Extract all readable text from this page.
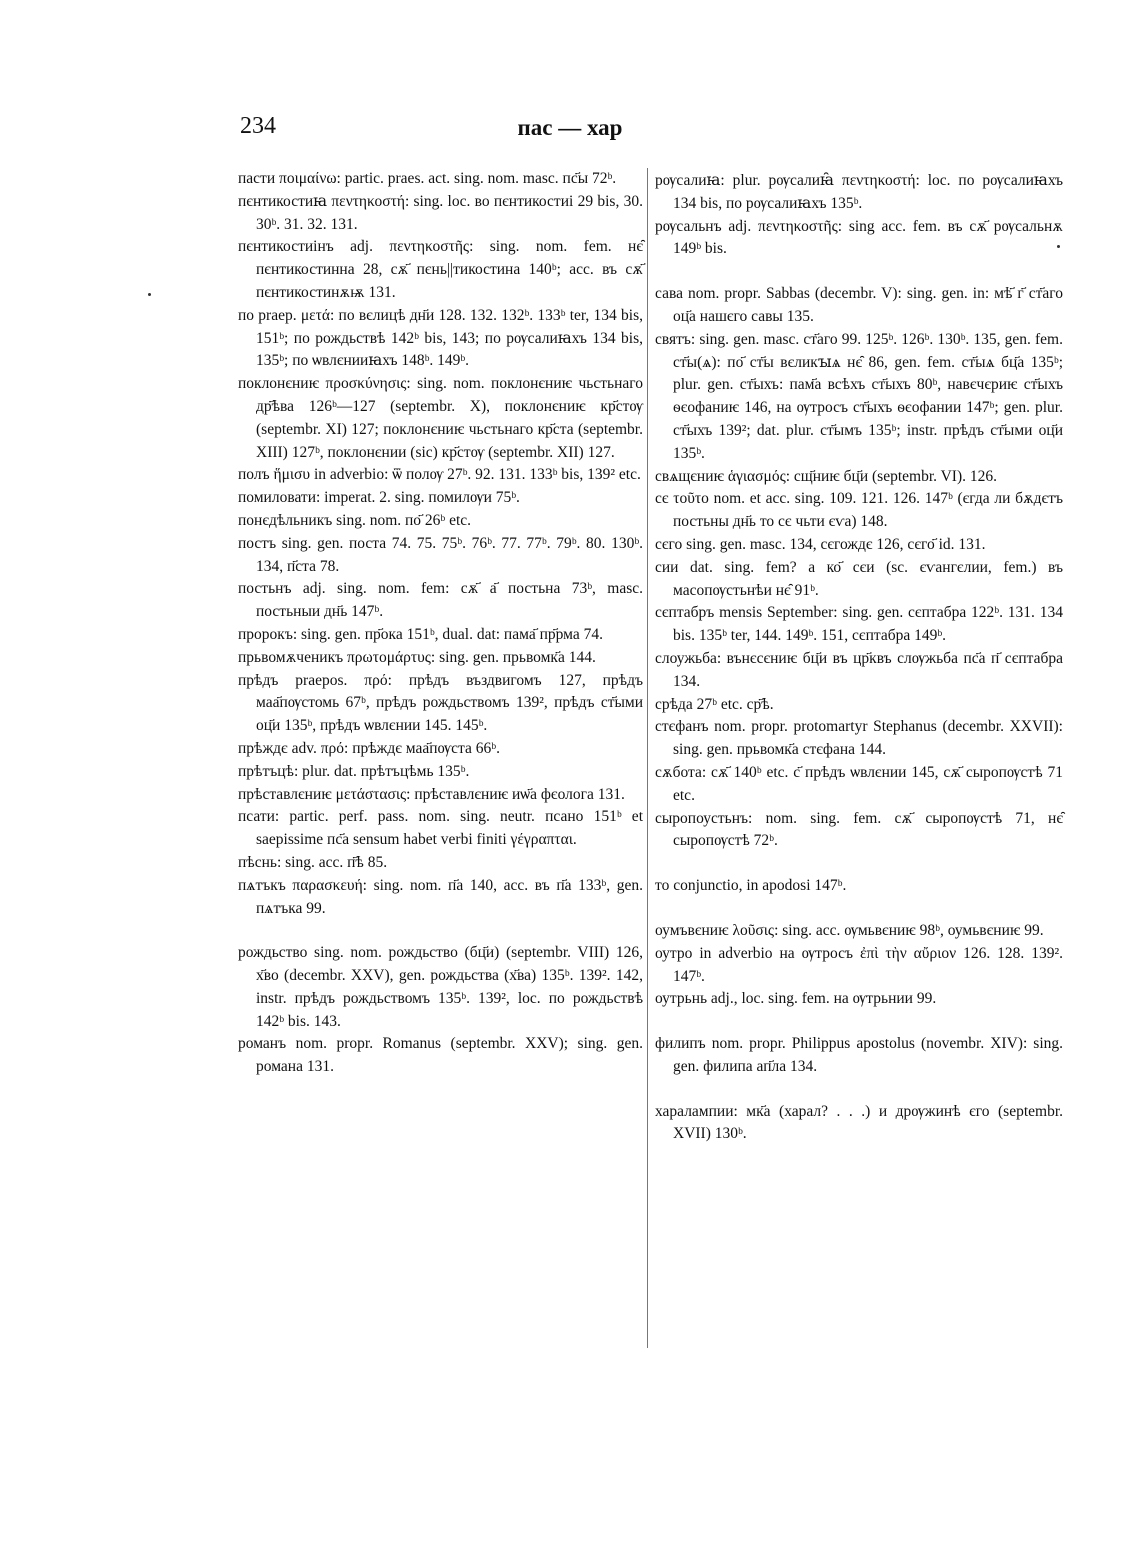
234	пас — хар

пасти ποιμαίνω: partic. praes. act. sing. nom. masc. пс҃ы 72ᵇ.

пєнтикостиꙗ πεντηκοστή: sing. loc. во пєнтикостиі 29 bis, 30. 30ᵇ. 31. 32. 131.

пєнтикостиінъ adj. πεντηκοστῆς: sing. nom. fem. нє̑ пєнтикостинна 28, сѫ҃ пєнь||тикостина 140ᵇ; acc. въ сѫ҃ пєнтикостинѫѭ 131.

по praep. μετά: по вєлицѣ дн҃и 128. 132. 132ᵇ. 133ᵇ ter, 134 bis, 151ᵇ; по рождьствѣ 142ᵇ bis, 143; по рѹсалиꙗхъ 134 bis, 135ᵇ; по ѡвлєнииꙗхъ 148ᵇ. 149ᵇ.

поклонєниѥ προσκύνησις: sing. nom. поклонєниѥ чьстьнаго др҃ѣва 126ᵇ—127 (septembr. X), поклонєниѥ кр҃стѹ (septembr. XI) 127; поклонєниѥ чьстьнаго кр҃ста (septembr. XIII) 127ᵇ, поклонєнии (sic) кр҃стѹ (septembr. XII) 127.

полъ ἥμισυ in adverbio: ѿ полѹ 27ᵇ. 92. 131. 133ᵇ bis, 139² etc.

помиловати: imperat. 2. sing. помилѹи 75ᵇ.

понєдѣльникъ sing. nom. по҃ 26ᵇ etc.

постъ sing. gen. поста 74. 75. 75ᵇ. 76ᵇ. 77. 77ᵇ. 79ᵇ. 80. 130ᵇ. 134, п҃ста 78.

постьнъ adj. sing. nom. fem: сѫ҃ а҃ постьна 73ᵇ, masc. постьныи дн҃ь 147ᵇ.

пророкъ: sing. gen. пр҃ока 151ᵇ, dual. dat: пама҃ пр҃рма 74.

прьвомѫченикъ πρωτομάρτυς: sing. gen. прьвомк҃а 144.

прѣдъ praepos. πρό: прѣдъ въздвигомъ 127, прѣдъ маа҃пѹстомь 67ᵇ, прѣдъ рождьствомъ 139², прѣдъ ст҃ыми оц҃и 135ᵇ, прѣдъ ѡвлєнии 145. 145ᵇ.

прѣждє adv. πρό: прѣждє маа҃пѹста 66ᵇ.

прѣтъцѣ: plur. dat. прѣтъцѣмь 135ᵇ.

прѣставлєниѥ μετάστασις: прѣставлєниѥ иѡ҃а фєолога 131.

псати: partic. perf. pass. nom. sing. neutr. псано 151ᵇ et saepissime пс҃а sensum habet verbi finiti γέγραπται.

пѣснь: sing. acc. п҃ѣ 85.

пѧтъкъ παρασκευή: sing. nom. п҃а 140, acc. въ п҃а 133ᵇ, gen. пѧтъка 99.

рождьство sing. nom. рождьство (бц҃и) (septembr. VIII) 126, х҃во (decembr. XXV), gen. рождьства (х҃ва) 135ᵇ. 139². 142, instr. прѣдъ рождьствомъ 135ᵇ. 139², loc. по рождьствѣ 142ᵇ bis. 143.

романъ nom. propr. Romanus (septembr. XXV); sing. gen. романа 131.

рѹсалиꙗ: plur. рѹсалиꙗ̑ πεντηκοστή: loc. по рѹсалиꙗхъ 134 bis, по рѹсалиꙗхъ 135ᵇ.

рѹсальнъ adj. πεντηκοστῆς: sing acc. fem. въ сѫ҃ рѹсальнѫ 149ᵇ bis.

сава nom. propr. Sabbas (decembr. V): sing. gen. in: мѣ҃ г҃ ст҃аго оц҃а нашєго савы 135.

святъ: sing. gen. masc. ст҃аго 99. 125ᵇ. 126ᵇ. 130ᵇ. 135, gen. fem. ст҃ы(ѧ): по҃ ст҃ы вєликꙑѧ нє̑ 86, gen. fem. ст҃ыѧ бц҃а 135ᵇ; plur. gen. ст҃ыхъ: пам҃а всѣхъ ст҃ыхъ 80ᵇ, навєчєриѥ ст҃ыхъ ѳєофаниѥ 146, на ѹтросъ ст҃ыхъ ѳєофании 147ᵇ; gen. plur. ст҃ыхъ 139²; dat. plur. ст҃ымъ 135ᵇ; instr. прѣдъ ст҃ыми оц҃и 135ᵇ.

свѧщєниѥ ἁγιασμός: сщ҃ниѥ бц҃и (septembr. VI). 126.

сє τοῦτο nom. et acc. sing. 109. 121. 126. 147ᵇ (єгда ли бѫдєтъ постьны дн҃ь то сє чьти єѵа) 148.

сєго sing. gen. masc. 134, сєгождє 126, сєго҃ id. 131.

сии dat. sing. fem? а ко҃ сєи (sc. єѵангєлии, fem.) въ масопѹстьнѣи нє̑ 91ᵇ.

сєптабръ mensis September: sing. gen. сєптабра 122ᵇ. 131. 134 bis. 135ᵇ ter, 144. 149ᵇ. 151, сєптабра 149ᵇ.

слоужьба: вънєсєниѥ бц҃и въ цр҃квъ слѹжьба пс҃а п҃ сєптабра 134.

срѣда 27ᵇ etc. ср҃ѣ.

стєфанъ nom. propr. protomartyr Stephanus (decembr. XXVII): sing. gen. прьвомк҃а стєфана 144.

сѫбота: сѫ҃ 140ᵇ etc. с҃ прѣдъ ѡвлєнии 145, сѫ҃ сыропѹстѣ 71 etc.

сыропоустьнъ: nom. sing. fem. сѫ҃ сыропѹстѣ 71, нє̑ сыропѹстѣ 72ᵇ.

то conjunctio, in apodosi 147ᵇ.

оумъвєниѥ λοῦσις: sing. acc. ѹмьвєниѥ 98ᵇ, оумьвєниѥ 99.

оутро in adverbio на ѹтросъ ἐπὶ τὴν αὔριον 126. 128. 139². 147ᵇ.

оутрьнь adj., loc. sing. fem. на ѹтрьнии 99.

филипъ nom. propr. Philippus apostolus (novembr. XIV): sing. gen. филипа ап҃ла 134.

харалампии: мк҃а (харал? . . .) и дрѹжинѣ єго (septembr. XVII) 130ᵇ.
